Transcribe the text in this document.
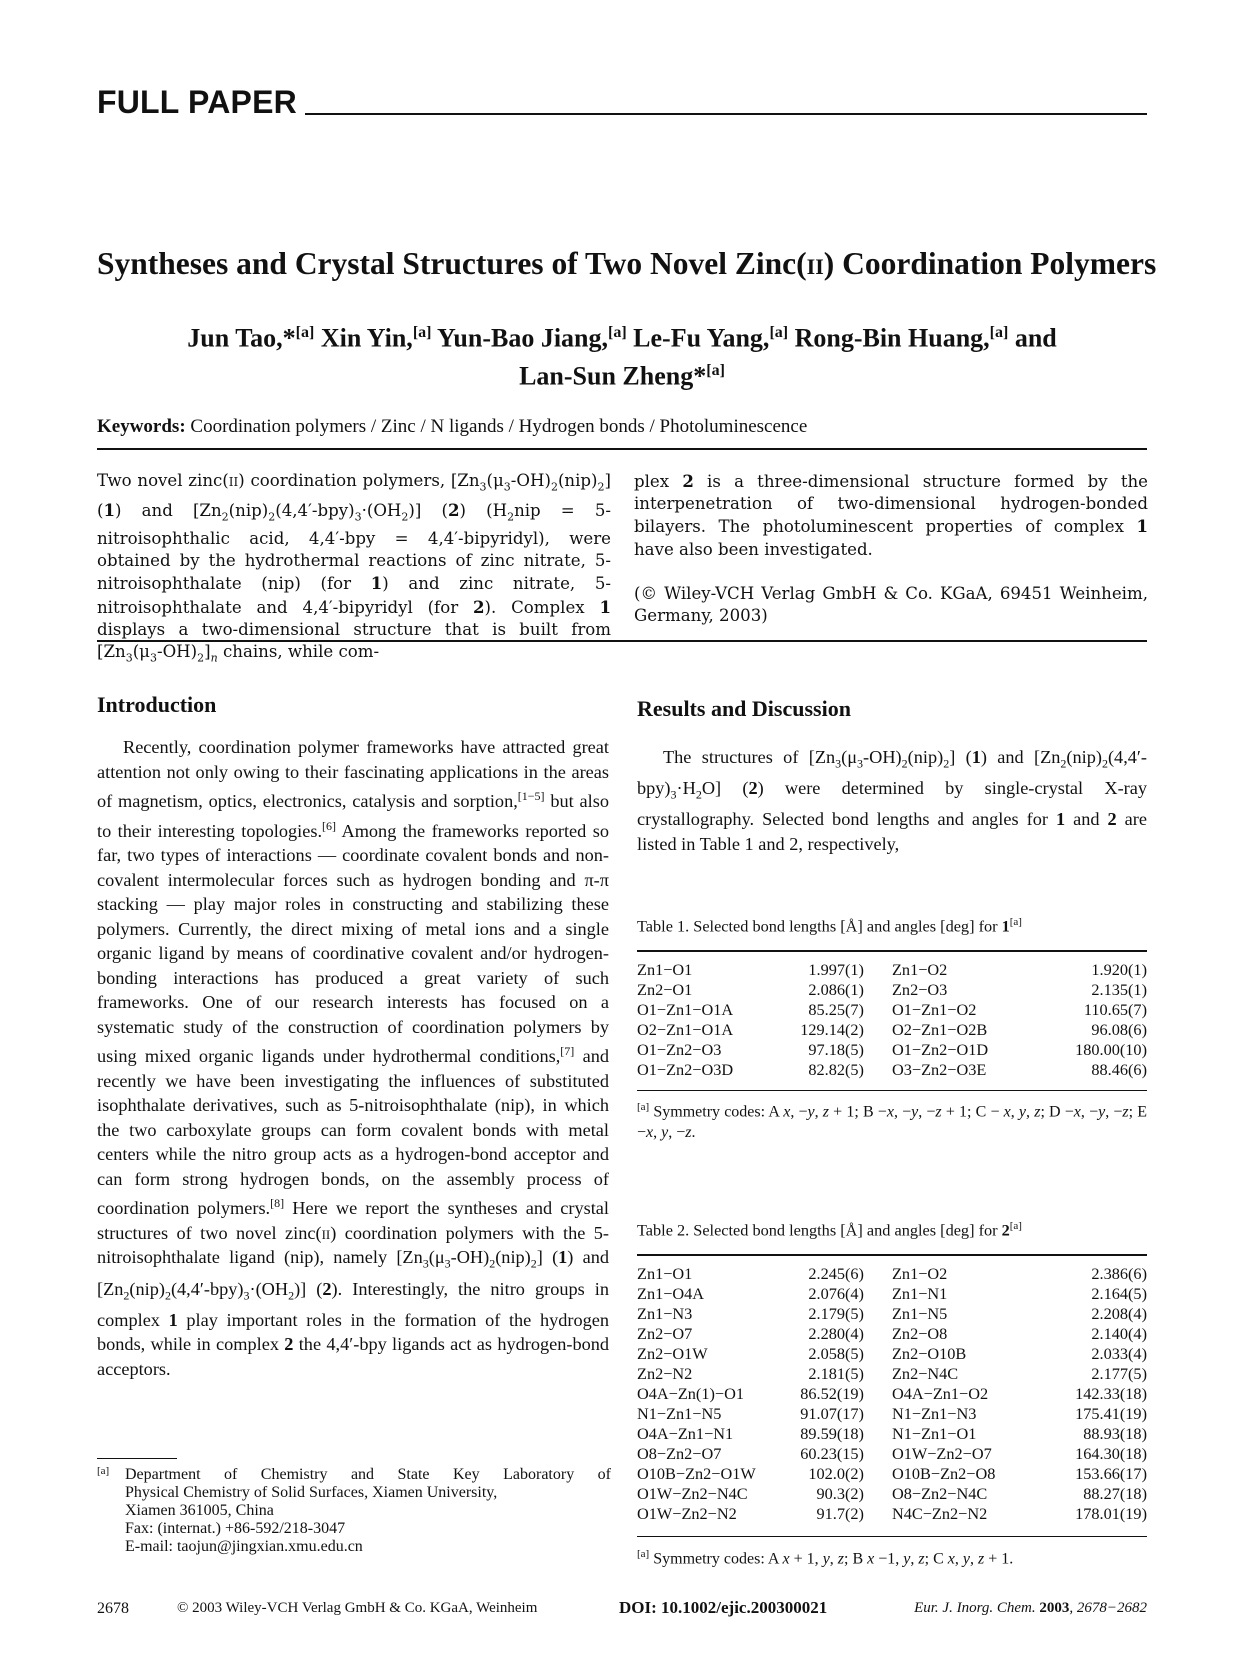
FULL PAPER
Syntheses and Crystal Structures of Two Novel Zinc(ii) Coordination Polymers
Jun Tao,*[a] Xin Yin,[a] Yun-Bao Jiang,[a] Le-Fu Yang,[a] Rong-Bin Huang,[a] and
Lan-Sun Zheng*[a]
Keywords: Coordination polymers / Zinc / N ligands / Hydrogen bonds / Photoluminescence

Two novel zinc(ii) coordination polymers, $[Zn_3(\mu_3-OH)_2(nip)_2]$ (1) and $[Zn_2(nip)_2(4,4'-bpy)_3\cdot(OH_2)]$ (2) ($H_2nip$ = 5-nitroisophthalic acid, 4,4′-bpy = 4,4′-bipyridyl), were obtained by the hydrothermal reactions of zinc nitrate, 5-nitroisophthalate (nip) (for 1) and zinc nitrate, 5-nitroisophthalate and 4,4′-bipyridyl (for 2). Complex 1 displays a two-dimensional structure that is built from $[Zn_3(\mu_3-OH)_2]_n$ chains, while com-

plex 2 is a three-dimensional structure formed by the interpenetration of two-dimensional hydrogen-bonded bilayers. The photoluminescent properties of complex 1 have also been investigated.

(© Wiley-VCH Verlag GmbH & Co. KGaA, 69451 Weinheim, Germany, 2003)

Introduction

Recently, coordination polymer frameworks have attracted great attention not only owing to their fascinating applications in the areas of magnetism, optics, electronics, catalysis and sorption,[1−5] but also to their interesting topologies.[6] Among the frameworks reported so far, two types of interactions — coordinate covalent bonds and non-covalent intermolecular forces such as hydrogen bonding and π-π stacking — play major roles in constructing and stabilizing these polymers. Currently, the direct mixing of metal ions and a single organic ligand by means of coordinative covalent and/or hydrogen-bonding interactions has produced a great variety of such frameworks. One of our research interests has focused on a systematic study of the construction of coordination polymers by using mixed organic ligands under hydrothermal conditions,[7] and recently we have been investigating the influences of substituted isophthalate derivatives, such as 5-nitroisophthalate (nip), in which the two carboxylate groups can form covalent bonds with metal centers while the nitro group acts as a hydrogen-bond acceptor and can form strong hydrogen bonds, on the assembly process of coordination polymers.[8] Here we report the syntheses and crystal structures of two novel zinc(ii) coordination polymers with the 5-nitroisophthalate ligand (nip), namely $[Zn_3(\mu_3-OH)_2(nip)_2]$ (1) and $[Zn_2(nip)_2(4,4'-bpy)_3\cdot(OH_2)]$ (2). Interestingly, the nitro groups in complex 1 play important roles in the formation of the hydrogen bonds, while in complex 2 the 4,4′-bpy ligands act as hydrogen-bond acceptors.

Results and Discussion

The structures of $[Zn_3(\mu_3-OH)_2(nip)_2]$ (1) and $[Zn_2(nip)_2(4,4'-bpy)_3\cdot H_2O]$ (2) were determined by single-crystal X-ray crystallography. Selected bond lengths and angles for 1 and 2 are listed in Table 1 and 2, respectively,

Table 1. Selected bond lengths [Å] and angles [deg] for 1[a]
Zn1−O1	1.997(1)	Zn1−O2	1.920(1)
Zn2−O1	2.086(1)	Zn2−O3	2.135(1)
O1−Zn1−O1A	85.25(7)	O1−Zn1−O2	110.65(7)
O2−Zn1−O1A	129.14(2)	O2−Zn1−O2B	96.08(6)
O1−Zn2−O3	97.18(5)	O1−Zn2−O1D	180.00(10)
O1−Zn2−O3D	82.82(5)	O3−Zn2−O3E	88.46(6)
[a] Symmetry codes: A x, −y, z + 1; B −x, −y, −z + 1; C − x, y, z; D −x, −y, −z; E −x, y, −z.
Table 2. Selected bond lengths [Å] and angles [deg] for 2[a]
Zn1−O1	2.245(6)	Zn1−O2	2.386(6)
Zn1−O4A	2.076(4)	Zn1−N1	2.164(5)
Zn1−N3	2.179(5)	Zn1−N5	2.208(4)
Zn2−O7	2.280(4)	Zn2−O8	2.140(4)
Zn2−O1W	2.058(5)	Zn2−O10B	2.033(4)
Zn2−N2	2.181(5)	Zn2−N4C	2.177(5)
O4A−Zn(1)−O1	86.52(19)	O4A−Zn1−O2	142.33(18)
N1−Zn1−N5	91.07(17)	N1−Zn1−N3	175.41(19)
O4A−Zn1−N1	89.59(18)	N1−Zn1−O1	88.93(18)
O8−Zn2−O7	60.23(15)	O1W−Zn2−O7	164.30(18)
O10B−Zn2−O1W	102.0(2)	O10B−Zn2−O8	153.66(17)
O1W−Zn2−N4C	90.3(2)	O8−Zn2−N4C	88.27(18)
O1W−Zn2−N2	91.7(2)	N4C−Zn2−N2	178.01(19)
[a] Symmetry codes: A x + 1, y, z; B x −1, y, z; C x, y, z + 1.
[a] Department of Chemistry and State Key Laboratory of
Physical Chemistry of Solid Surfaces, Xiamen University,
Xiamen 361005, China
Fax: (internat.) +86-592/218-3047
E-mail: taojun@jingxian.xmu.edu.cn
2678	© 2003 Wiley-VCH Verlag GmbH & Co. KGaA, Weinheim	DOI: 10.1002/ejic.200300021	Eur. J. Inorg. Chem. 2003, 2678−2682
